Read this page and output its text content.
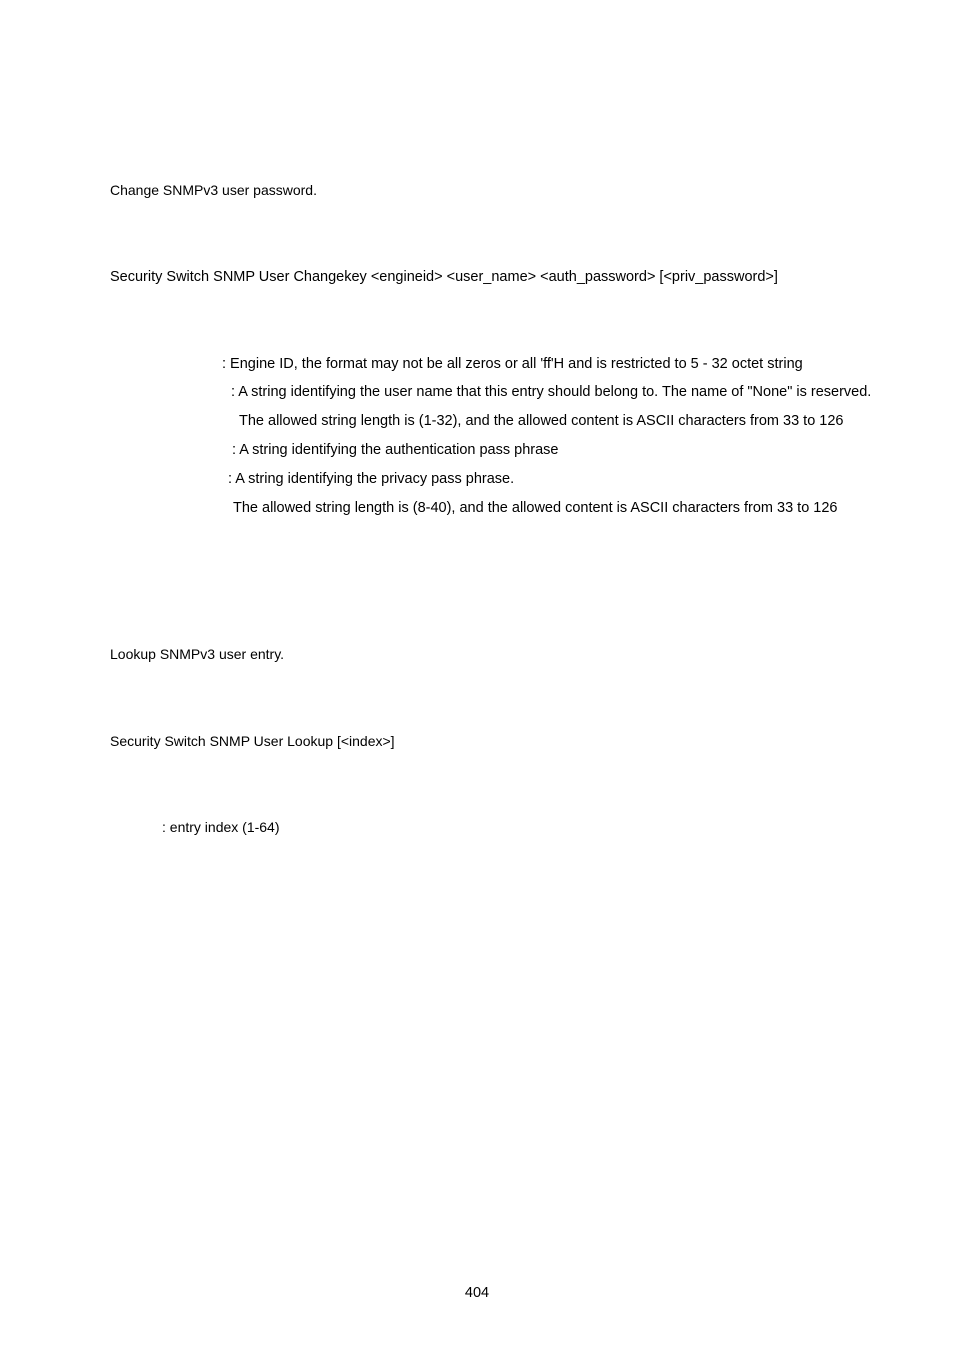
Change SNMPv3 user password.
Security Switch SNMP User Changekey <engineid> <user_name> <auth_password> [<priv_password>]
: Engine ID, the format may not be all zeros or all 'ff'H and is restricted to 5 - 32 octet string
: A string identifying the user name that this entry should belong to. The name of "None" is reserved.
The allowed string length is (1-32), and the allowed content is ASCII characters from 33 to 126
: A string identifying the authentication pass phrase
: A string identifying the privacy pass phrase.
The allowed string length is (8-40), and the allowed content is ASCII characters from 33 to 126
Lookup SNMPv3 user entry.
Security Switch SNMP User Lookup [<index>]
: entry index (1-64)
404
